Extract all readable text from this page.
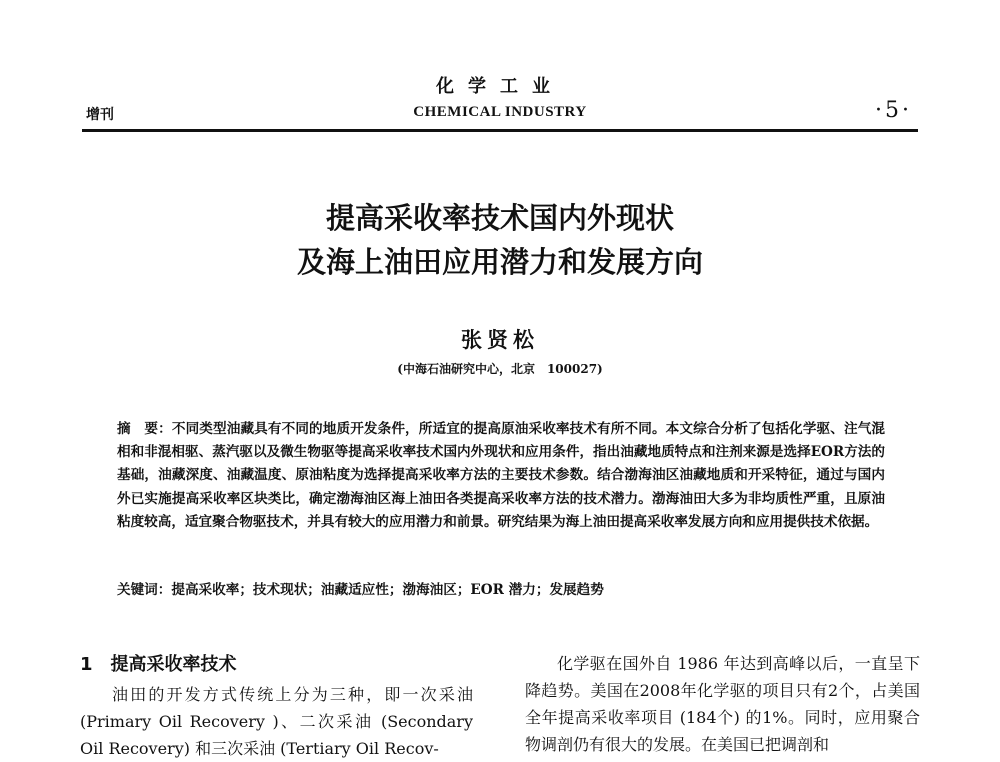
化学工业
增刊	CHEMICAL INDUSTRY	·5·
提高采收率技术国内外现状
及海上油田应用潜力和发展方向
张贤松
(中海石油研究中心，北京　100027)
摘　要：不同类型油藏具有不同的地质开发条件，所适宜的提高原油采收率技术有所不同。本文综合分析了包括化学驱、注气混相和非混相驱、蒸汽驱以及微生物驱等提高采收率技术国内外现状和应用条件，指出油藏地质特点和注剂来源是选择EOR方法的基础，油藏深度、油藏温度、原油粘度为选择提高采收率方法的主要技术参数。结合渤海油区油藏地质和开采特征，通过与国内外已实施提高采收率区块类比，确定渤海油区海上油田各类提高采收率方法的技术潜力。渤海油田大多为非均质性严重，且原油粘度较高，适宜聚合物驱技术，并具有较大的应用潜力和前景。研究结果为海上油田提高采收率发展方向和应用提供技术依据。
关键词：提高采收率；技术现状；油藏适应性；渤海油区；EOR 潜力；发展趋势
1　提高采收率技术
油田的开发方式传统上分为三种，即一次采油 (Primary Oil Recovery )、二次采油 (Secondary Oil Recovery) 和三次采油 (Tertiary Oil Recov-
化学驱在国外自 1986 年达到高峰以后，一直呈下降趋势。美国在2008年化学驱的项目只有2个，占美国全年提高采收率项目 (184个) 的1%。同时，应用聚合物调剖仍有很大的发展。在美国已把调剖和
